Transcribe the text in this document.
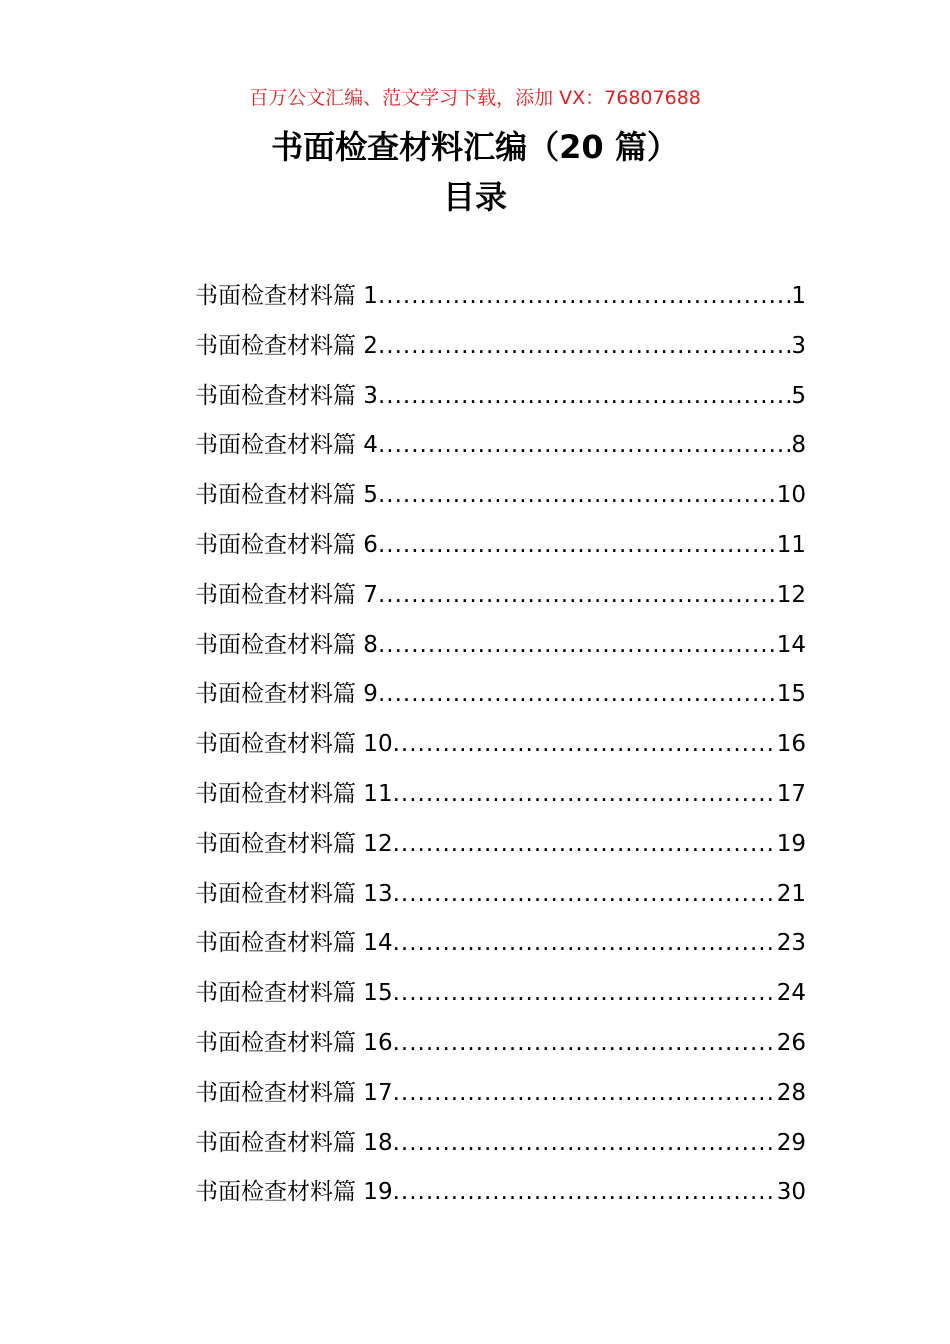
百万公文汇编、范文学习下载，添加 VX：76807688
书面检查材料汇编（20 篇）
目录
书面检查材料篇 1 .....	1
书面检查材料篇 2 .....	3
书面检查材料篇 3 .....	5
书面检查材料篇 4 .....	8
书面检查材料篇 5 .....	10
书面检查材料篇 6 .....	11
书面检查材料篇 7 .....	12
书面检查材料篇 8 .....	14
书面检查材料篇 9 .....	15
书面检查材料篇 10 .....	16
书面检查材料篇 11 .....	17
书面检查材料篇 12 .....	19
书面检查材料篇 13 .....	21
书面检查材料篇 14 .....	23
书面检查材料篇 15 .....	24
书面检查材料篇 16 .....	26
书面检查材料篇 17 .....	28
书面检查材料篇 18 .....	29
书面检查材料篇 19 .....	30
